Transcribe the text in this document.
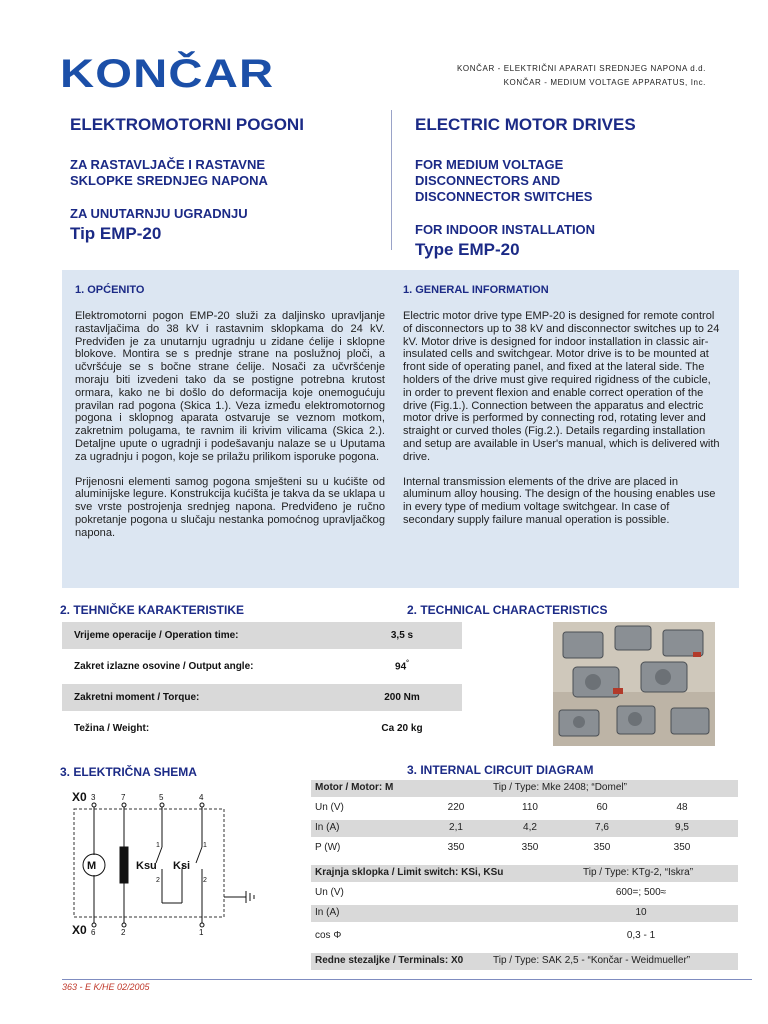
KONČAR	KONČAR - ELEKTRIČNI APARATI SREDNJEG NAPONA d.d.
KONČAR - MEDIUM VOLTAGE APPARATUS, Inc.
ELEKTROMOTORNI POGONI
ZA RASTAVLJAČE I RASTAVNE
SKLOPKE SREDNJEG NAPONA
ZA UNUTARNJU UGRADNJU
Tip EMP-20
ELECTRIC MOTOR DRIVES
FOR MEDIUM VOLTAGE
DISCONNECTORS AND
DISCONNECTOR SWITCHES
FOR INDOOR INSTALLATION
Type EMP-20
1. OPĆENITO	1. GENERAL INFORMATION
Elektromotorni pogon EMP-20 služi za daljinsko upravljanje rastavljačima do 38 kV i rastavnim sklopkama do 24 kV. Predviđen je za unutarnju ugradnju u zidane ćelije i sklopne blokove. Montira se s prednje strane na poslužnoj ploči, a učvršćuje se s bočne strane ćelije. Nosači za učvršćenje moraju biti izvedeni tako da se postigne potrebna krutost ormara, kako ne bi došlo do deformacija koje onemogućuju pravilan rad pogona (Skica 1.). Veza između elektromotornog pogona i sklopnog aparata ostvaruje se veznom motkom, zakretnim polugama, te ravnim ili krivim vilicama (Skica 2.). Detaljne upute o ugradnji i podešavanju nalaze se u Uputama za ugradnju i pogon, koje se prilažu prilikom isporuke pogona.
Prijenosni elementi samog pogona smješteni su u kućište od aluminijske legure. Konstrukcija kućišta je takva da se uklapa u sve vrste postrojenja srednjeg napona. Predviđeno je ručno pokretanje pogona u slučaju nestanka pomoćnog upravljačkog napona.
Electric motor drive type EMP-20 is designed for remote control of disconnectors up to 38 kV and disconnector switches up to 24 kV. Motor drive is designed for indoor installation in classic air-insulated cells and switchgear. Motor drive is to be mounted at front side of operating panel, and fixed at the lateral side. The holders of the drive must give required rigidness of the cubicle, in order to prevent flexion and enable correct operation of the drive (Fig.1.). Connection between the apparatus and electric motor drive is performed by connecting rod, rotating lever and straight or curved tholes (Fig.2.). Details regarding installation and setup are available in User's manual, which is delivered with drive.
Internal transmission elements of the drive are placed in aluminum alloy housing. The design of the housing enables use in every type of medium voltage switchgear. In case of secondary supply failure manual operation is possible.
2. TEHNIČKE KARAKTERISTIKE	2. TECHNICAL CHARACTERISTICS
Vrijeme operacije / Operation time:	3,5 s
Zakret izlazne osovine / Output angle:	94°
Zakretni moment / Torque:	200 Nm
Težina / Weight:	Ca 20 kg
3. ELEKTRIČNA SHEMA	3. INTERNAL CIRCUIT DIAGRAM
X0 3	7	5	4
X0 6	2	1
M	Ksu Ksi
1
2
1
2
Motor / Motor: M	Tip / Type: Mke 2408; “Domel”
Un (V)	220	110	60	48
In (A)	2,1	4,2	7,6	9,5
P (W)	350	350	350	350
Krajnja sklopka / Limit switch: KSi, KSu	Tip / Type: KTg-2, “Iskra”
Un (V)	600=; 500≈
In (A)	10
cos Φ	0,3 - 1
Redne stezaljke / Terminals: X0	Tip / Type: SAK 2,5 - “Končar - Weidmueller”
363 - E K/HE 02/2005
